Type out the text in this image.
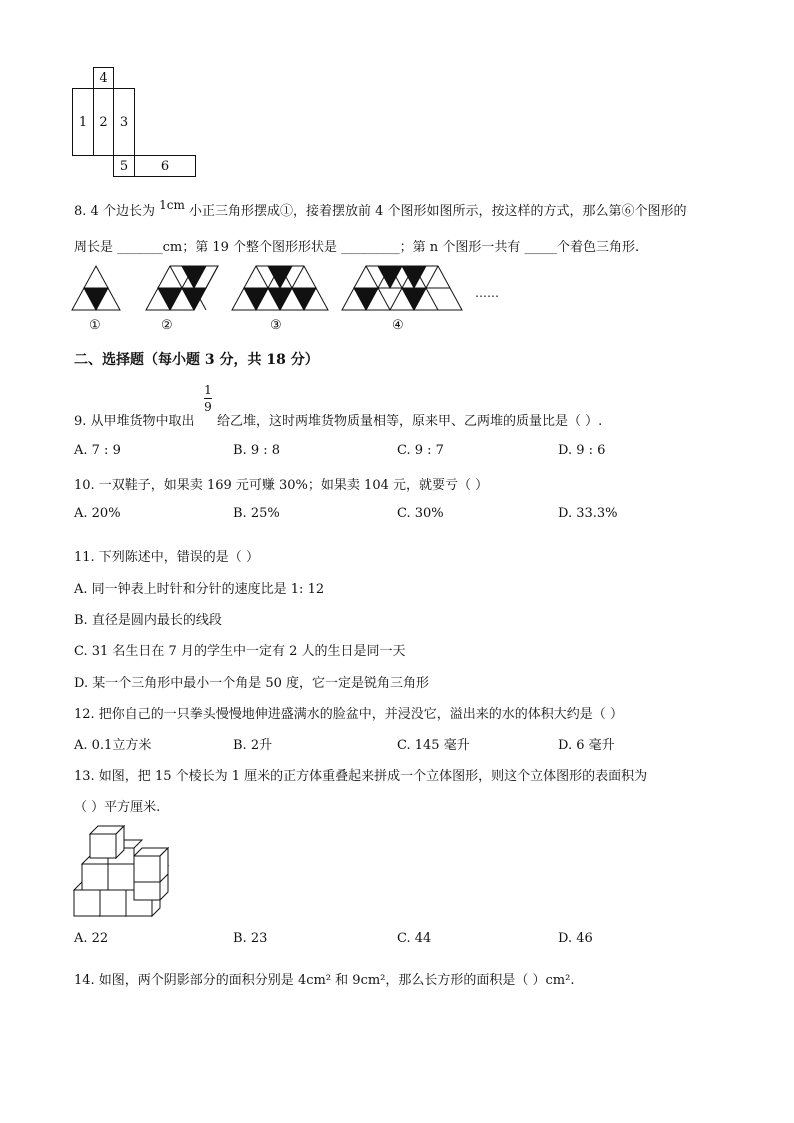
4
1 2 3
5	6
8. 4 个边长为 1cm 小正三角形摆成①，接着摆放前 4 个图形如图所示，按这样的方式，那么第⑥个图形的
周长是 _______cm；第 19 个整个图形形状是 _________；第 n 个图形一共有 _____个着色三角形.
①	②	③	④
……
二、选择题（每小题 3 分，共 18 分）
9. 从甲堆货物中取出
1
9
给乙堆，这时两堆货物质量相等，原来甲、乙两堆的质量比是（ ）.
A. 7 : 9	B. 9 : 8	C. 9 : 7	D. 9 : 6
10. 一双鞋子，如果卖 169 元可赚 30%；如果卖 104 元，就要亏（ ）
A. 20%	B. 25%	C. 30%	D. 33.3%
11. 下列陈述中，错误的是（ ）
A. 同一钟表上时针和分针的速度比是 1: 12
B. 直径是圆内最长的线段
C. 31 名生日在 7 月的学生中一定有 2 人的生日是同一天
D. 某一个三角形中最小一个角是 50 度，它一定是锐角三角形
12. 把你自己的一只拳头慢慢地伸进盛满水的脸盆中，并浸没它，溢出来的水的体积大约是（ ）
A. 0.1立方米	B. 2升	C. 145 毫升	D. 6 毫升
13. 如图，把 15 个棱长为 1 厘米的正方体重叠起来拼成一个立体图形，则这个立体图形的表面积为
（ ）平方厘米.
A. 22	B. 23	C. 44	D. 46
14. 如图，两个阴影部分的面积分别是 4cm² 和 9cm²，那么长方形的面积是（ ）cm².
